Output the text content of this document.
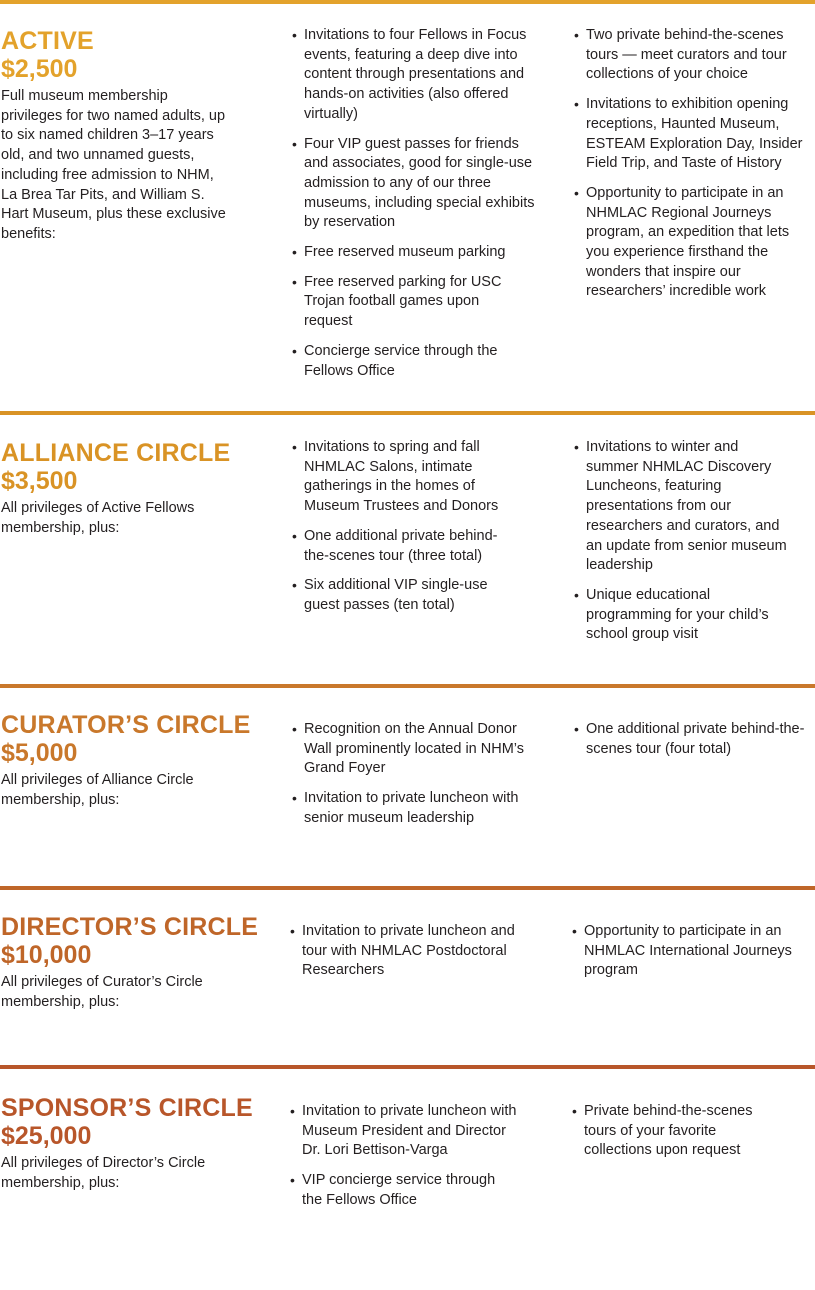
ACTIVE
$2,500

Full museum membership privileges for two named adults, up to six named children 3–17 years old, and two unnamed guests, including free admission to NHM, La Brea Tar Pits, and William S. Hart Museum, plus these exclusive benefits:

• Invitations to four Fellows in Focus events, featuring a deep dive into content through presentations and hands-on activities (also offered virtually)
• Four VIP guest passes for friends and associates, good for single-use admission to any of our three museums, including special exhibits by reservation
• Free reserved museum parking
• Free reserved parking for USC Trojan football games upon request
• Concierge service through the Fellows Office
• Two private behind-the-scenes tours — meet curators and tour collections of your choice
• Invitations to exhibition opening receptions, Haunted Museum, ESTEAM Exploration Day, Insider Field Trip, and Taste of History
• Opportunity to participate in an NHMLAC Regional Journeys program, an expedition that lets you experience firsthand the wonders that inspire our researchers’ incredible work
ALLIANCE CIRCLE
$3,500

All privileges of Active Fellows membership, plus:

• Invitations to spring and fall NHMLAC Salons, intimate gatherings in the homes of Museum Trustees and Donors
• One additional private behind-the-scenes tour (three total)
• Six additional VIP single-use guest passes (ten total)
• Invitations to winter and summer NHMLAC Discovery Luncheons, featuring presentations from our researchers and curators, and an update from senior museum leadership
• Unique educational programming for your child’s school group visit
CURATOR’S CIRCLE
$5,000

All privileges of Alliance Circle membership, plus:

• Recognition on the Annual Donor Wall prominently located in NHM’s Grand Foyer
• Invitation to private luncheon with senior museum leadership
• One additional private behind-the-scenes tour (four total)
DIRECTOR’S CIRCLE
$10,000

All privileges of Curator’s Circle membership, plus:

• Invitation to private luncheon and tour with NHMLAC Postdoctoral Researchers
• Opportunity to participate in an NHMLAC International Journeys program
SPONSOR’S CIRCLE
$25,000

All privileges of Director’s Circle membership, plus:

• Invitation to private luncheon with Museum President and Director Dr. Lori Bettison-Varga
• VIP concierge service through the Fellows Office
• Private behind-the-scenes tours of your favorite collections upon request
